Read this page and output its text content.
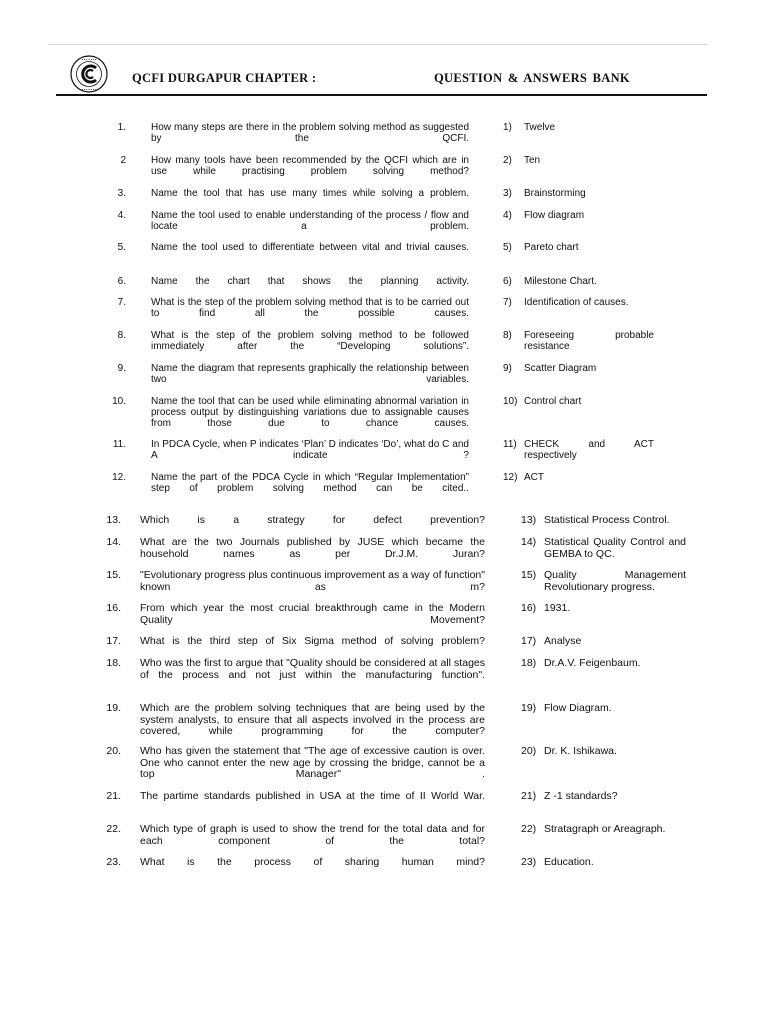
• • • • • • •
• • • • • • •
QCFI DURGAPUR CHAPTER :	QUESTION & ANSWERS BANK
1.	How many steps are there in the problem solving method as suggested by the QCFI.
1) Twelve
2	How many tools have been recommended by the QCFI which are in use while practising problem solving method?
2) Ten
3.	Name the tool that has use many times while solving a problem.	3) Brainstorming
4.	Name the tool used to enable understanding of the process / flow and locate a problem.
4) Flow diagram
5.	Name the tool used to differentiate between vital and trivial causes.	5) Pareto chart
6.	Name the chart that shows the planning activity.	6) Milestone Chart.
7.	What is the step of the problem solving method that is to be carried out to find all the possible causes.
7) Identification of causes.
8.	What is the step of the problem solving method to be followed immediately after the “Developing solutions”.
8) Foreseeing probable resistance
9.	Name the diagram that represents graphically the relationship between two variables.
9) Scatter Diagram
10.	Name the tool that can be used while eliminating abnormal variation in process output by distinguishing variations due to assignable causes from those due to chance causes.
10) Control chart
11.	In PDCA Cycle, when P indicates ‘Plan’ D indicates ‘Do’, what do C and A indicate ?
11) CHECK and ACT respectively
12.	Name the part of the PDCA Cycle in which “Regular Implementation” step of problem solving method can be cited..
12) ACT
13. Which is a strategy for defect prevention?	13) Statistical Process Control.
14. What are the two Journals published by JUSE which became the household names as per Dr.J.M. Juran?
14) Statistical Quality Control and GEMBA to QC.
15. "Evolutionary progress plus continuous improvement as a way of function" known as m?
15) Quality Management Revolutionary progress.
16. From which year the most crucial breakthrough came in the Modern Quality Movement?
16) 1931.
17. What is the third step of Six Sigma method of solving problem?	17) Analyse
18. Who was the first to argue that "Quality should be considered at all stages of the process and not just within the manufacturing function".
18) Dr.A.V. Feigenbaum.
19. Which are the problem solving techniques that are being used by the system analysts, to ensure that all aspects involved in the process are covered, while programming for the computer?
19) Flow Diagram.
20. Who has given the statement that "The age of excessive caution is over. One who cannot enter the new age by crossing the bridge, cannot be a top Manager" .
20) Dr. K. Ishikawa.
21. The partime standards published in USA at the time of II World War.	21) Z -1 standards?
22. Which type of graph is used to show the trend for the total data and for each component of the total?
22) Stratagraph or Areagraph.
23. What is the process of sharing human mind?	23) Education.
